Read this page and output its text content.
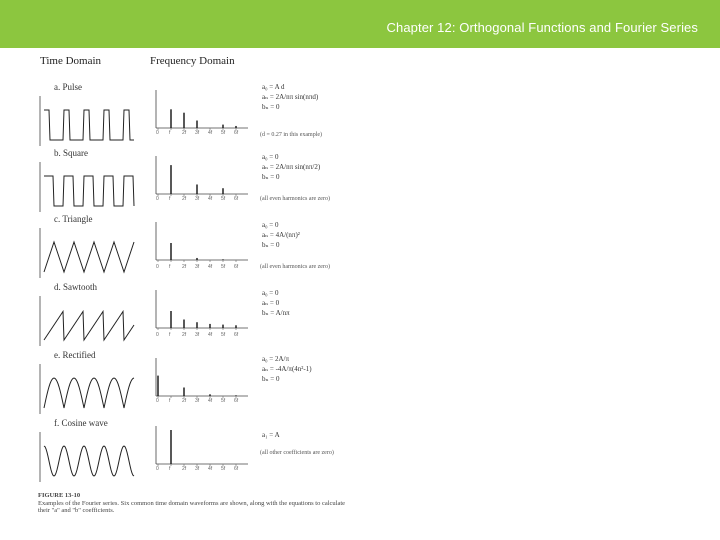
Chapter 12: Orthogonal Functions and Fourier Series
Time Domain	Frequency Domain
a. Pulse
b. Square
c. Triangle
d. Sawtooth
e. Rectified
f. Cosine wave
a₀ = A d
aₙ = 2A/nπ sin(nπd)
bₙ = 0
(d = 0.27 in this example)
a₀ = 0
aₙ = 2A/nπ sin(nπ/2)
bₙ = 0
(all even harmonics are zero)
a₀ = 0
aₙ = 4A/(nπ)²
bₙ = 0
(all even harmonics are zero)
a₀ = 0
aₙ = 0
bₙ = A/nπ
a₀ = 2A/π
aₙ = -4A/π(4n²-1)
bₙ = 0
a₁ = A
(all other coefficients are zero)
0 f 2f 3f 4f 5f 6f
0 f 2f 3f 4f 5f 6f
0 f 2f 3f 4f 5f 6f
0 f 2f 3f 4f 5f 6f
0 f 2f 3f 4f 5f 6f
0 f 2f 3f 4f 5f 6f
FIGURE 13-10
Examples of the Fourier series. Six common time domain waveforms are shown, along with the equations to calculate their "a" and "b" coefficients.
